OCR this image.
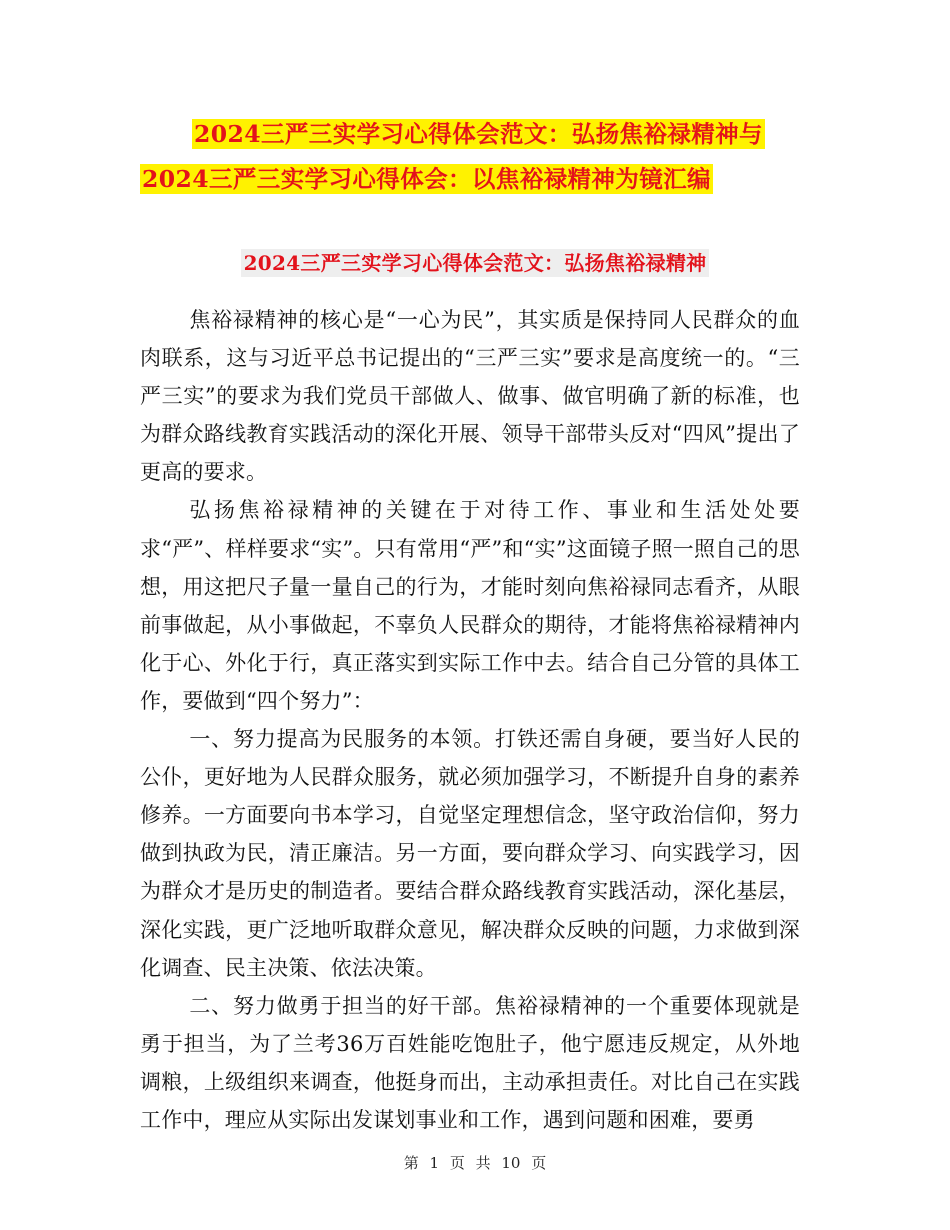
2024三严三实学习心得体会范文：弘扬焦裕禄精神与
2024三严三实学习心得体会：以焦裕禄精神为镜汇编
2024三严三实学习心得体会范文：弘扬焦裕禄精神

焦裕禄精神的核心是“一心为民”，其实质是保持同人民群众的血肉联系，这与习近平总书记提出的“三严三实”要求是高度统一的。“三严三实”的要求为我们党员干部做人、做事、做官明确了新的标准，也为群众路线教育实践活动的深化开展、领导干部带头反对“四风”提出了更高的要求。

弘扬焦裕禄精神的关键在于对待工作、事业和生活处处要求“严”、样样要求“实”。只有常用“严”和“实”这面镜子照一照自己的思想，用这把尺子量一量自己的行为，才能时刻向焦裕禄同志看齐，从眼前事做起，从小事做起，不辜负人民群众的期待，才能将焦裕禄精神内化于心、外化于行，真正落实到实际工作中去。结合自己分管的具体工作，要做到“四个努力”：

一、努力提高为民服务的本领。打铁还需自身硬，要当好人民的公仆，更好地为人民群众服务，就必须加强学习，不断提升自身的素养修养。一方面要向书本学习，自觉坚定理想信念，坚守政治信仰，努力做到执政为民，清正廉洁。另一方面，要向群众学习、向实践学习，因为群众才是历史的制造者。要结合群众路线教育实践活动，深化基层，深化实践，更广泛地听取群众意见，解决群众反映的问题，力求做到深化调查、民主决策、依法决策。

二、努力做勇于担当的好干部。焦裕禄精神的一个重要体现就是勇于担当，为了兰考36万百姓能吃饱肚子，他宁愿违反规定，从外地调粮，上级组织来调查，他挺身而出，主动承担责任。对比自己在实践工作中，理应从实际出发谋划事业和工作，遇到问题和困难，要勇

第 1 页 共 10 页
